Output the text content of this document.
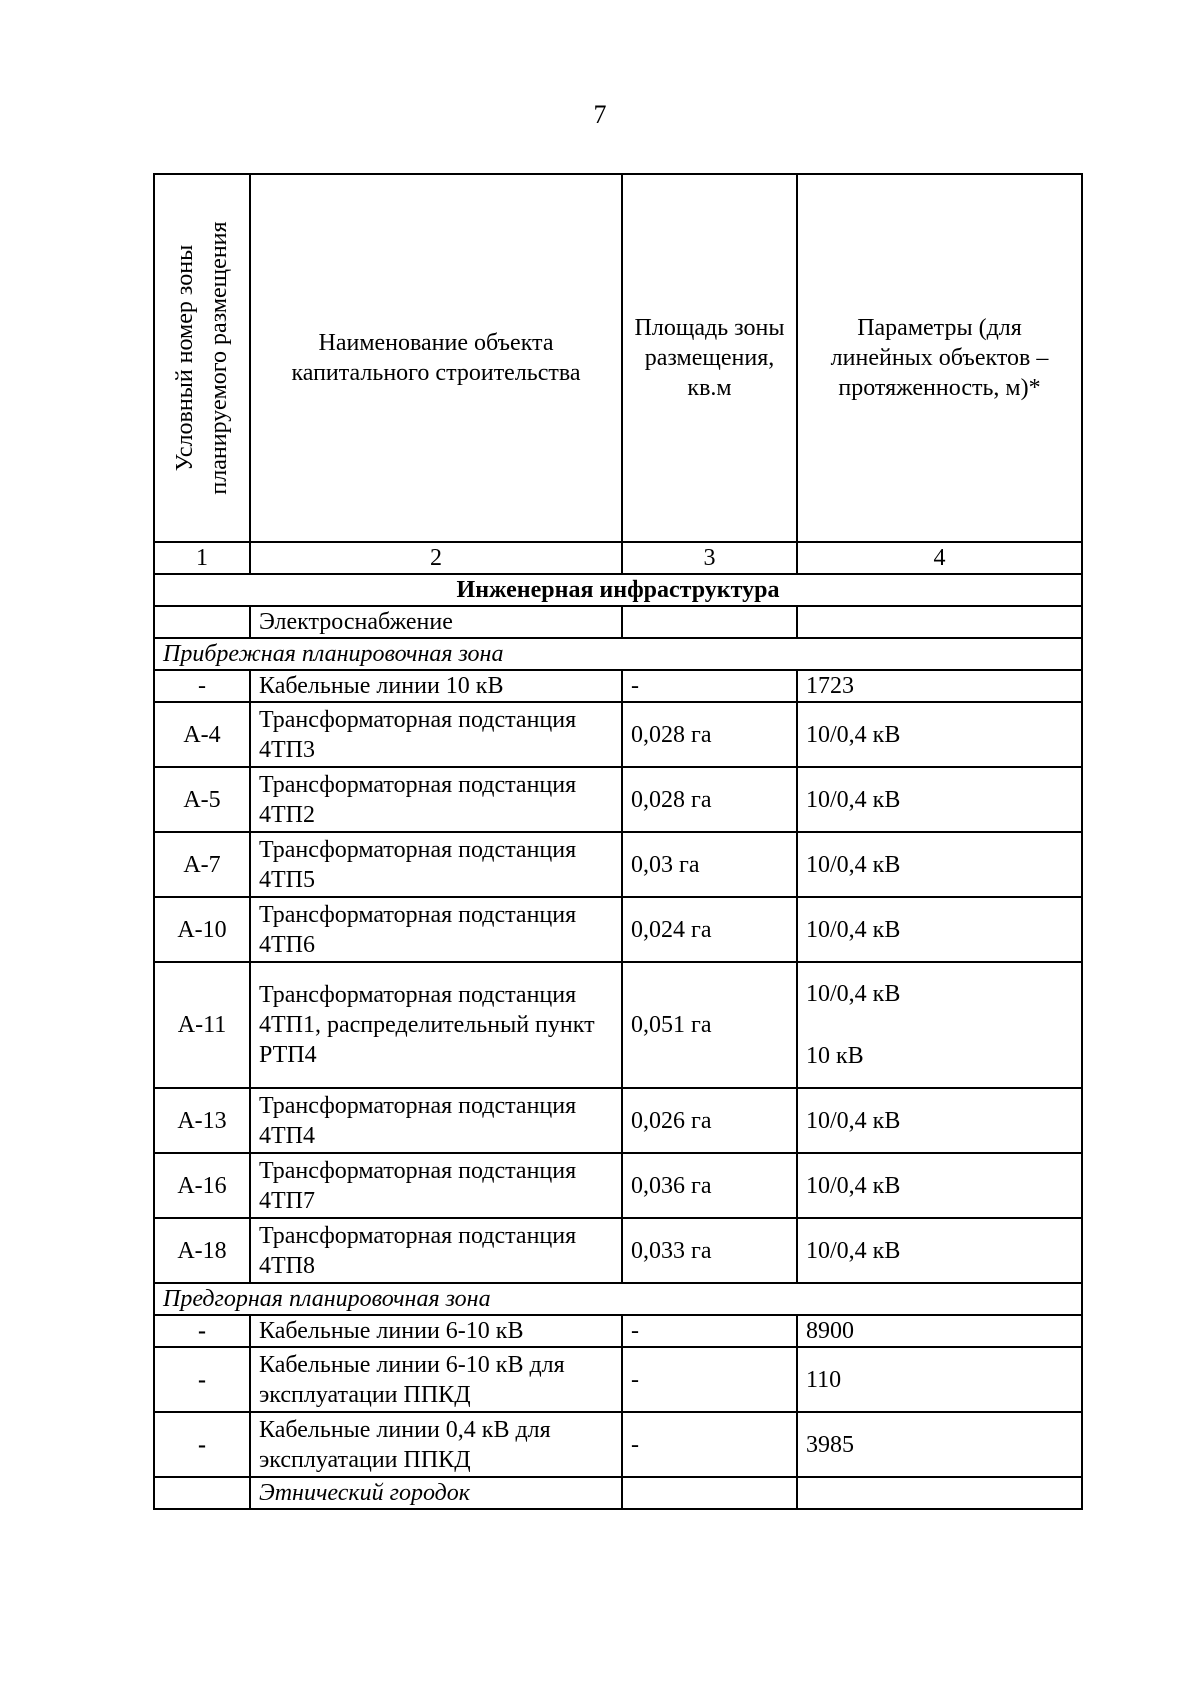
7
Условный номер зоны планируемого размещения	Наименование объекта капитального строительства	Площадь зоны размещения, кв.м	Параметры (для линейных объектов – протяженность, м)*
1	2	3	4
Инженерная инфраструктура			
	Электроснабжение		
Прибрежная планировочная зона			
-	Кабельные линии 10 кВ	-	1723
А-4	Трансформаторная подстанция 4ТП3	0,028 га	10/0,4 кВ
А-5	Трансформаторная подстанция 4ТП2	0,028 га	10/0,4 кВ
А-7	Трансформаторная подстанция 4ТП5	0,03 га	10/0,4 кВ
А-10	Трансформаторная подстанция 4ТП6	0,024 га	10/0,4 кВ
А-11	Трансформаторная подстанция 4ТП1, распределительный пункт РТП4	0,051 га	10/0,4 кВ
10 кВ

А-13	Трансформаторная подстанция 4ТП4	0,026 га	10/0,4 кВ
А-16	Трансформаторная подстанция 4ТП7	0,036 га	10/0,4 кВ
А-18	Трансформаторная подстанция 4ТП8	0,033 га	10/0,4 кВ
Предгорная планировочная зона			
-	Кабельные линии 6-10 кВ	-	8900
-	Кабельные линии 6-10 кВ для эксплуатации ППКД	-	110
-	Кабельные линии 0,4 кВ для эксплуатации ППКД	-	3985
	Этнический городок		
